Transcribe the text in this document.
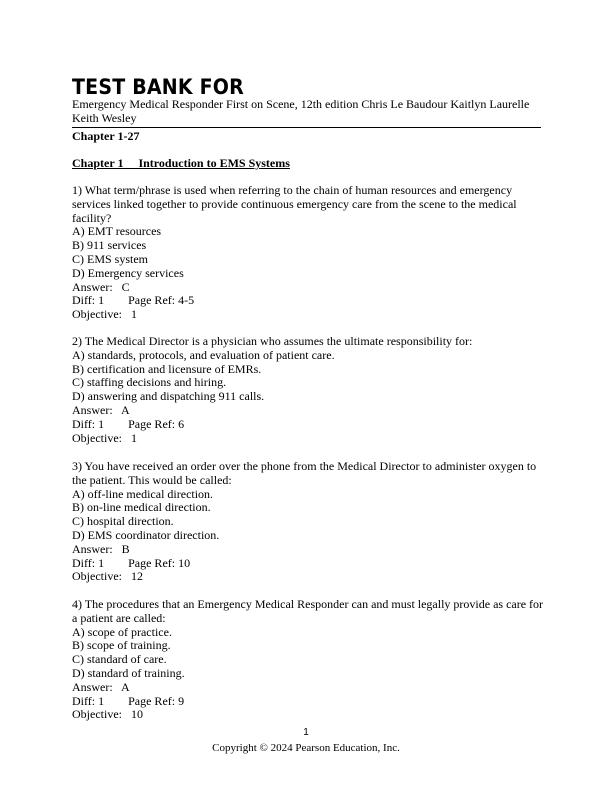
TEST BANK FOR
Emergency Medical Responder First on Scene, 12th edition Chris Le Baudour Kaitlyn Laurelle Keith Wesley
Chapter 1-27
Chapter 1     Introduction to EMS Systems
1) What term/phrase is used when referring to the chain of human resources and emergency services linked together to provide continuous emergency care from the scene to the medical facility?
A) EMT resources
B) 911 services
C) EMS system
D) Emergency services
Answer:   C
Diff: 1        Page Ref: 4-5
Objective:   1
2) The Medical Director is a physician who assumes the ultimate responsibility for:
A) standards, protocols, and evaluation of patient care.
B) certification and licensure of EMRs.
C) staffing decisions and hiring.
D) answering and dispatching 911 calls.
Answer:   A
Diff: 1        Page Ref: 6
Objective:   1
3) You have received an order over the phone from the Medical Director to administer oxygen to the patient. This would be called:
A) off-line medical direction.
B) on-line medical direction.
C) hospital direction.
D) EMS coordinator direction.
Answer:   B
Diff: 1        Page Ref: 10
Objective:   12
4) The procedures that an Emergency Medical Responder can and must legally provide as care for a patient are called:
A) scope of practice.
B) scope of training.
C) standard of care.
D) standard of training.
Answer:   A
Diff: 1        Page Ref: 9
Objective:   10
1
Copyright © 2024 Pearson Education, Inc.
